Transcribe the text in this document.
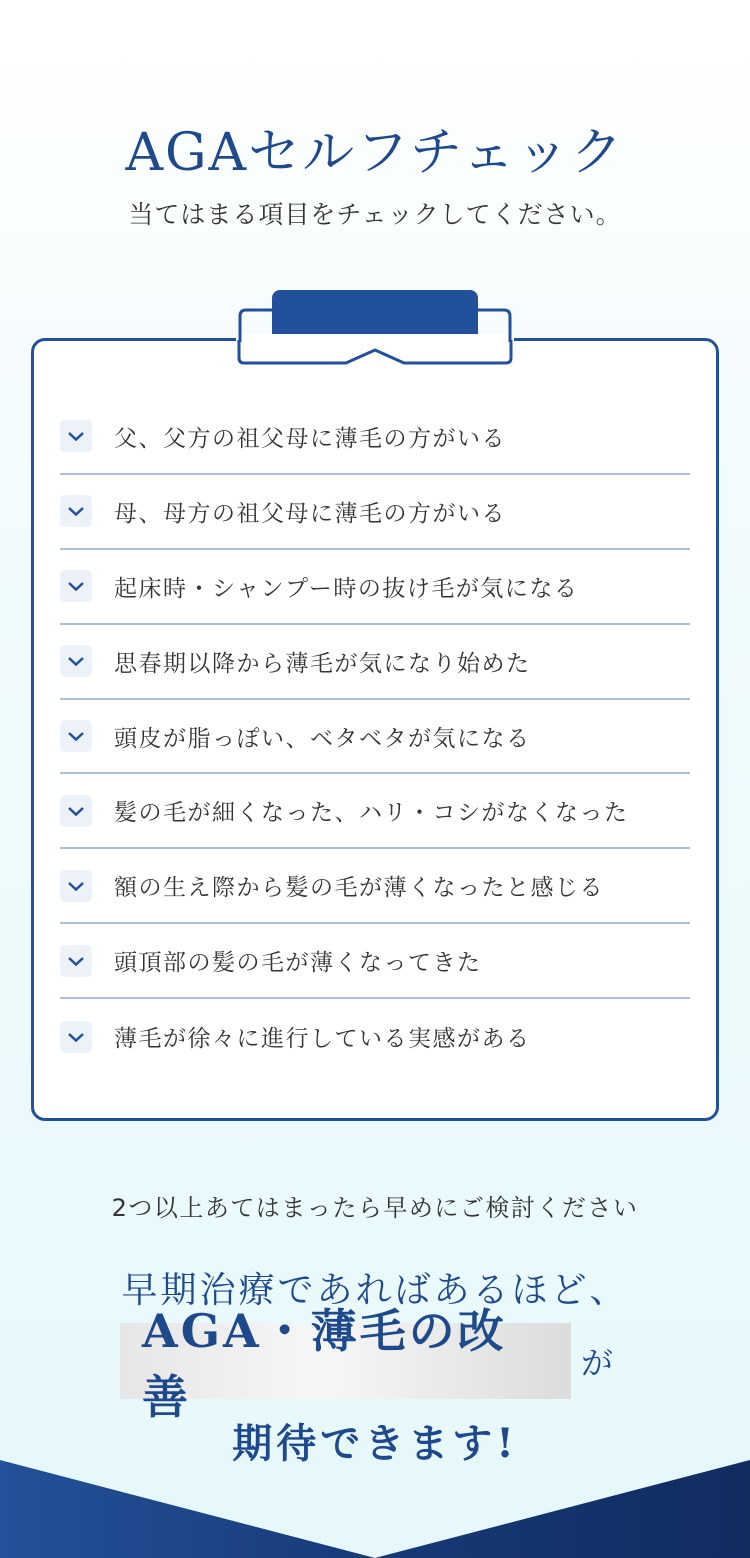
AGAセルフチェック
当てはまる項目をチェックしてください。
父、父方の祖父母に薄毛の方がいる
母、母方の祖父母に薄毛の方がいる
起床時・シャンプー時の抜け毛が気になる
思春期以降から薄毛が気になり始めた
頭皮が脂っぽい、ベタベタが気になる
髪の毛が細くなった、ハリ・コシがなくなった
額の生え際から髪の毛が薄くなったと感じる
頭頂部の髪の毛が薄くなってきた
薄毛が徐々に進行している実感がある
2つ以上あてはまったら早めにご検討ください
早期治療であればあるほど、
AGA・薄毛の改善
が
期待できます!
